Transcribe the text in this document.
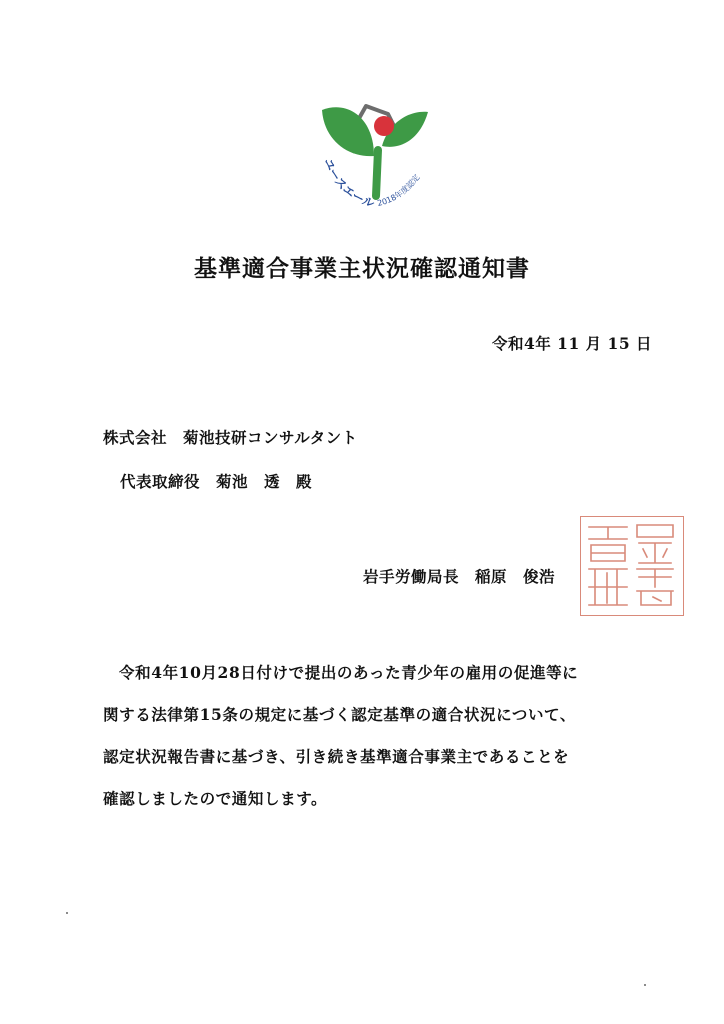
ユースエール 2018年度認定
基準適合事業主状況確認通知書
令和4年 11 月 15 日
株式会社　菊池技研コンサルタント
代表取締役　菊池　透　殿
岩手労働局長　稲原　俊浩
令和4年10月28日付けで提出のあった青少年の雇用の促進等に
関する法律第15条の規定に基づく認定基準の適合状況について、
認定状況報告書に基づき、引き続き基準適合事業主であることを
確認しましたので通知します。
